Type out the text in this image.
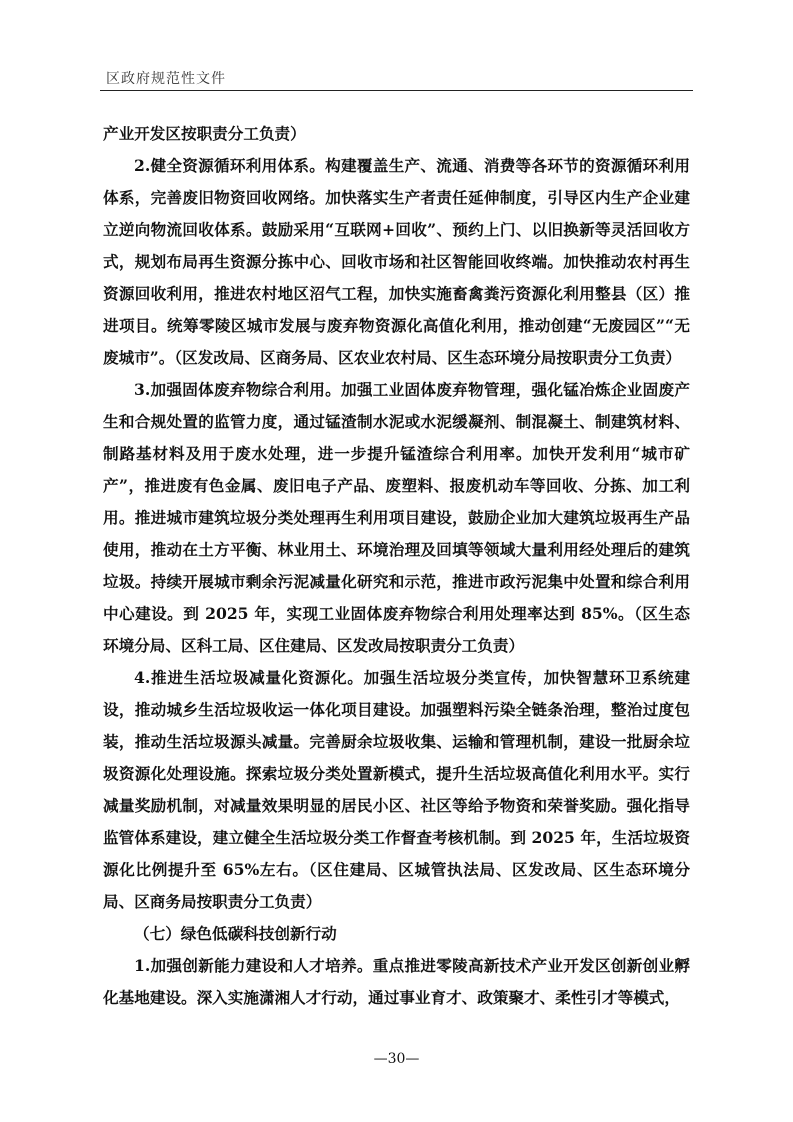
区政府规范性文件

产业开发区按职责分工负责）

2.健全资源循环利用体系。构建覆盖生产、流通、消费等各环节的资源循环利用体系，完善废旧物资回收网络。加快落实生产者责任延伸制度，引导区内生产企业建立逆向物流回收体系。鼓励采用“互联网+回收”、预约上门、以旧换新等灵活回收方式，规划布局再生资源分拣中心、回收市场和社区智能回收终端。加快推动农村再生资源回收利用，推进农村地区沼气工程，加快实施畜禽粪污资源化利用整县（区）推进项目。统筹零陵区城市发展与废弃物资源化高值化利用，推动创建“无废园区”“无废城市”。（区发改局、区商务局、区农业农村局、区生态环境分局按职责分工负责）

3.加强固体废弃物综合利用。加强工业固体废弃物管理，强化锰冶炼企业固废产生和合规处置的监管力度，通过锰渣制水泥或水泥缓凝剂、制混凝土、制建筑材料、制路基材料及用于废水处理，进一步提升锰渣综合利用率。加快开发利用“城市矿产”，推进废有色金属、废旧电子产品、废塑料、报废机动车等回收、分拣、加工利用。推进城市建筑垃圾分类处理再生利用项目建设，鼓励企业加大建筑垃圾再生产品使用，推动在土方平衡、林业用土、环境治理及回填等领域大量利用经处理后的建筑垃圾。持续开展城市剩余污泥减量化研究和示范，推进市政污泥集中处置和综合利用中心建设。到 2025 年，实现工业固体废弃物综合利用处理率达到 85%。（区生态环境分局、区科工局、区住建局、区发改局按职责分工负责）

4.推进生活垃圾减量化资源化。加强生活垃圾分类宣传，加快智慧环卫系统建设，推动城乡生活垃圾收运一体化项目建设。加强塑料污染全链条治理，整治过度包装，推动生活垃圾源头减量。完善厨余垃圾收集、运输和管理机制，建设一批厨余垃圾资源化处理设施。探索垃圾分类处置新模式，提升生活垃圾高值化利用水平。实行减量奖励机制，对减量效果明显的居民小区、社区等给予物资和荣誉奖励。强化指导监管体系建设，建立健全生活垃圾分类工作督查考核机制。到 2025 年，生活垃圾资源化比例提升至 65%左右。（区住建局、区城管执法局、区发改局、区生态环境分局、区商务局按职责分工负责）

（七）绿色低碳科技创新行动

1.加强创新能力建设和人才培养。重点推进零陵高新技术产业开发区创新创业孵化基地建设。深入实施潇湘人才行动，通过事业育才、政策聚才、柔性引才等模式，

—30—
